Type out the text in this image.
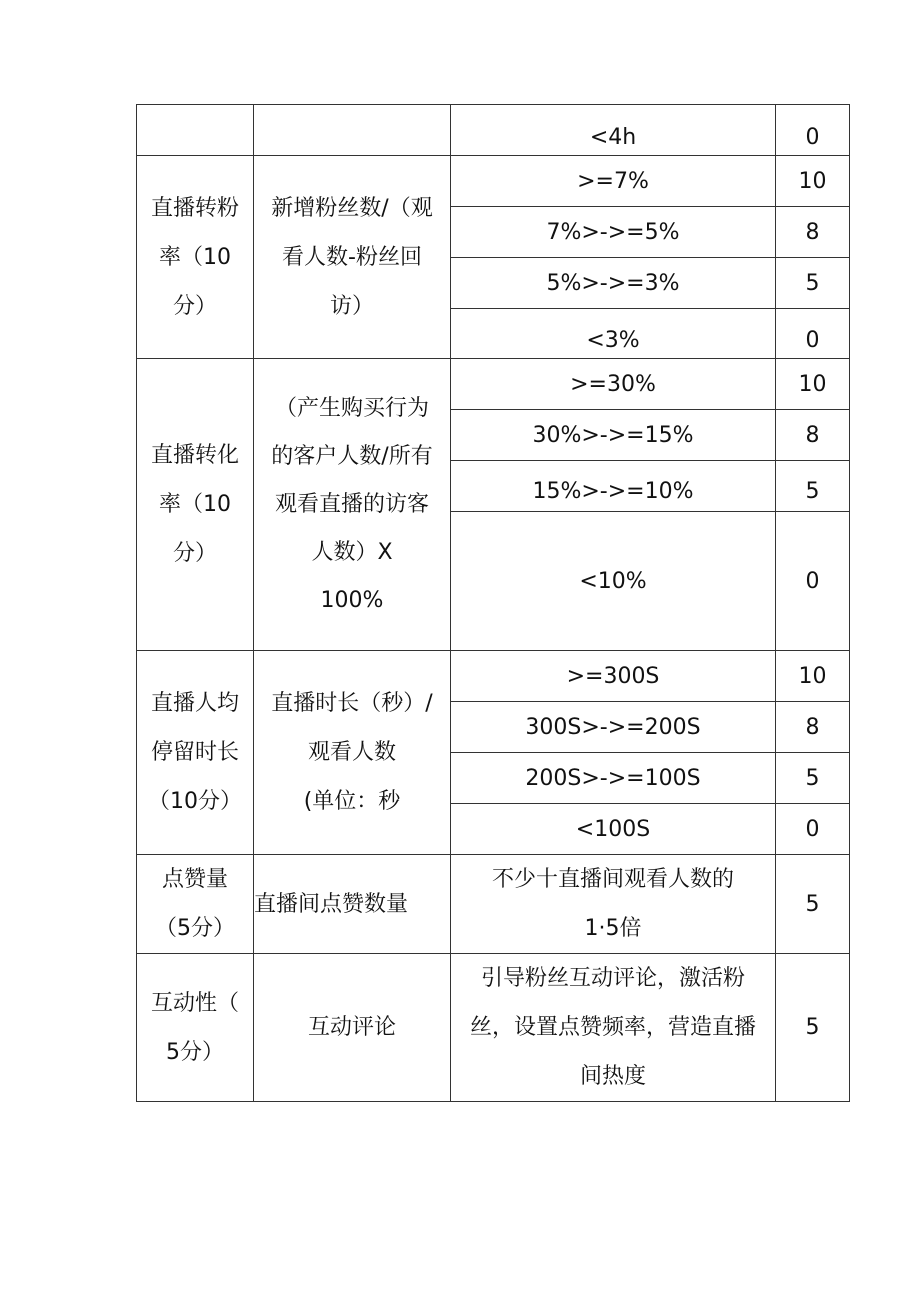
		<4h	0

直播转粉
率（10
分）	新增粉丝数/（观
看人数-粉丝回
访）	>=7%	10
		7%>->=5%	8
		5%>->=3%	5
		<3%	0

直播转化
率（10
分）	（产生购买行为
的客户人数/所有
观看直播的访客
人数）X
100%	>=30%	10
		30%>->=15%	8
		15%>->=10%	5
		<10%	0

直播人均
停留时长
（10分）	直播时长（秒）/
观看人数
(单位：秒	>=300S	10
		300S>->=200S	8
		200S>->=100S	5
		<100S	0

点赞量
（5分）	直播间点赞数量	不少十直播间观看人数的
1·5倍	5

互动性（
5分）	互动评论	引导粉丝互动评论，激活粉
丝，设置点赞频率，营造直播
间热度	5
